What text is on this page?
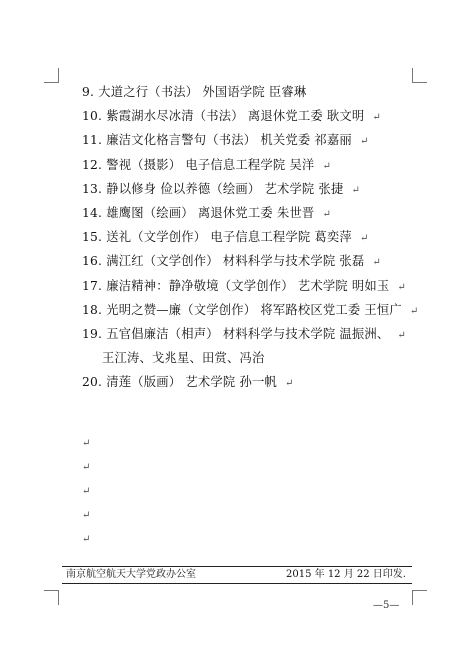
9. 大道之行（书法） 外国语学院 臣睿琳
10. 紫霞湖水尽冰清（书法） 离退休党工委 耿文明 ↵
11. 廉洁文化格言警句（书法） 机关党委 祁嘉丽 ↵
12. 警视（摄影） 电子信息工程学院 吴洋 ↵
13. 静以修身 俭以养德（绘画） 艺术学院 张捷 ↵
14. 雄鹰图（绘画） 离退休党工委 朱世晋 ↵
15. 送礼（文学创作） 电子信息工程学院 葛奕萍 ↵
16. 满江红（文学创作） 材料科学与技术学院 张磊 ↵
17. 廉洁精神：静净敬境（文学创作） 艺术学院 明如玉 ↵
18. 光明之赞—廉（文学创作） 将军路校区党工委 王恒广 ↵
19. 五官倡廉洁（相声） 材料科学与技术学院 温振洲、 ↵
王江涛、戈兆星、田赏、冯治
20. 清莲（版画） 艺术学院 孙一帆 ↵
↵
↵
↵
↵
↵
南京航空航天大学党政办公室	2015 年 12 月 22 日印发.
—5—
